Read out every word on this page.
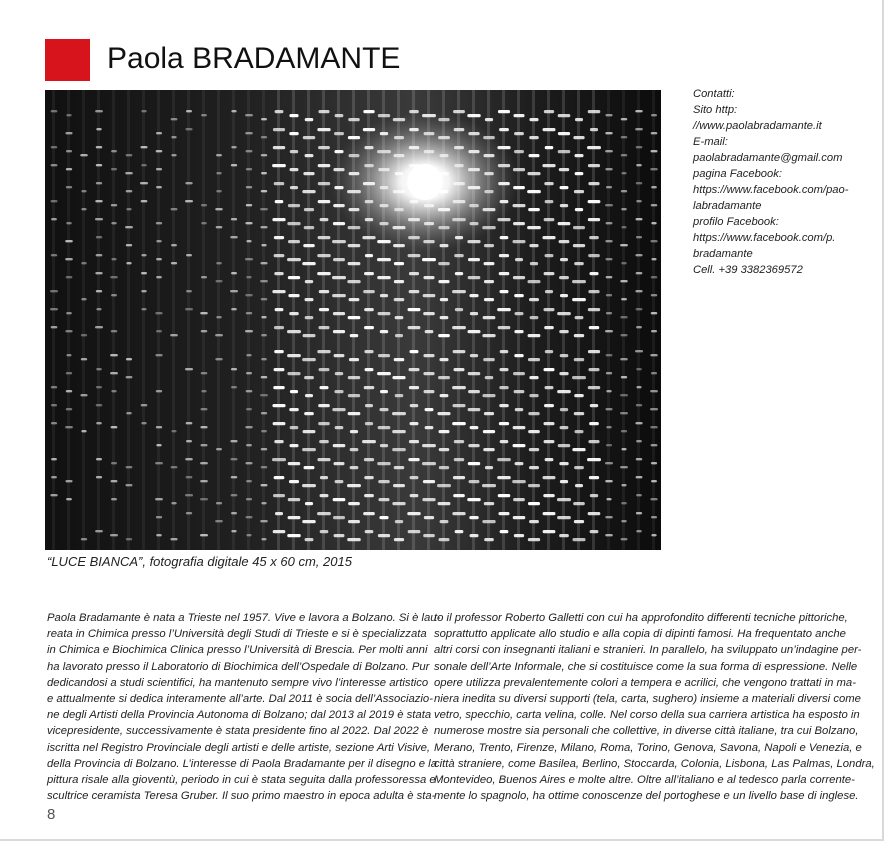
Paola BRADAMANTE
“LUCE BIANCA”, fotografia digitale 45 x 60 cm, 2015
Contatti:
Sito http:
//www.paolabradamante.it
E-mail:
paolabradamante@gmail.com
pagina Facebook:
https://www.facebook.com/pao-
labradamante
profilo Facebook:
https://www.facebook.com/p.
bradamante
Cell. +39 3382369572
Paola Bradamante è nata a Trieste nel 1957. Vive e lavora a Bolzano. Si è lau-
reata in Chimica presso l’Università degli Studi di Trieste e si è specializzata
in Chimica e Biochimica Clinica presso l’Università di Brescia. Per molti anni
ha lavorato presso il Laboratorio di Biochimica dell’Ospedale di Bolzano. Pur
dedicandosi a studi scientifici, ha mantenuto sempre vivo l’interesse artistico
e attualmente si dedica interamente all’arte. Dal 2011 è socia dell’Associazio-
ne degli Artisti della Provincia Autonoma di Bolzano; dal 2013 al 2019 è stata
vicepresidente, successivamente è stata presidente fino al 2022. Dal 2022 è
iscritta nel Registro Provinciale degli artisti e delle artiste, sezione Arti Visive,
della Provincia di Bolzano. L’interesse di Paola Bradamante per il disegno e la
pittura risale alla gioventù, periodo in cui è stata seguita dalla professoressa e
scultrice ceramista Teresa Gruber. Il suo primo maestro in epoca adulta è sta-
to il professor Roberto Galletti con cui ha approfondito differenti tecniche pittoriche,
soprattutto applicate allo studio e alla copia di dipinti famosi. Ha frequentato anche
altri corsi con insegnanti italiani e stranieri. In parallelo, ha sviluppato un’indagine per-
sonale dell’Arte Informale, che si costituisce come la sua forma di espressione. Nelle
opere utilizza prevalentemente colori a tempera e acrilici, che vengono trattati in ma-
niera inedita su diversi supporti (tela, carta, sughero) insieme a materiali diversi come
vetro, specchio, carta velina, colle. Nel corso della sua carriera artistica ha esposto in
numerose mostre sia personali che collettive, in diverse città italiane, tra cui Bolzano,
Merano, Trento, Firenze, Milano, Roma, Torino, Genova, Savona, Napoli e Venezia, e
città straniere, come Basilea, Berlino, Stoccarda, Colonia, Lisbona, Las Palmas, Londra,
Montevideo, Buenos Aires e molte altre. Oltre all’italiano e al tedesco parla corrente-
mente lo spagnolo, ha ottime conoscenze del portoghese e un livello base di inglese.
8
